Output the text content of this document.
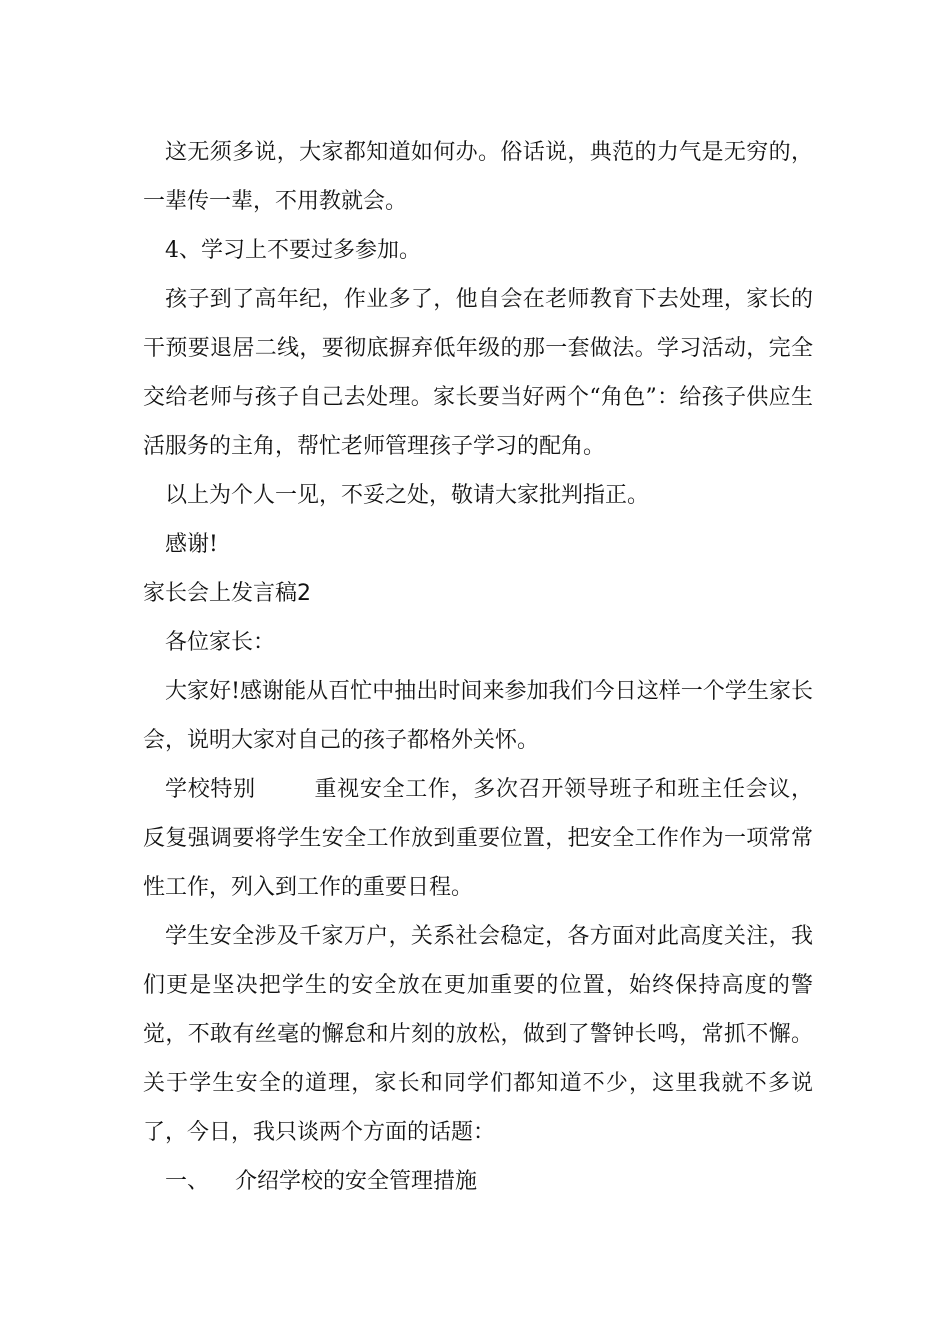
这无须多说，大家都知道如何办。俗话说，典范的力气是无穷的，一辈传一辈，不用教就会。

4、学习上不要过多参加。

孩子到了高年纪，作业多了，他自会在老师教育下去处理，家长的干预要退居二线，要彻底摒弃低年级的那一套做法。学习活动，完全交给老师与孩子自己去处理。家长要当好两个“角色”：给孩子供应生活服务的主角，帮忙老师管理孩子学习的配角。

以上为个人一见，不妥之处，敬请大家批判指正。

感谢!

家长会上发言稿2

各位家长：

大家好!感谢能从百忙中抽出时间来参加我们今日这样一个学生家长会，说明大家对自己的孩子都格外关怀。

学校特别	重视安全工作，多次召开领导班子和班主任会议，反复强调要将学生安全工作放到重要位置，把安全工作作为一项常常性工作，列入到工作的重要日程。

学生安全涉及千家万户，关系社会稳定，各方面对此高度关注，我们更是坚决把学生的安全放在更加重要的位置，始终保持高度的警觉，不敢有丝毫的懈怠和片刻的放松，做到了警钟长鸣，常抓不懈。关于学生安全的道理，家长和同学们都知道不少，这里我就不多说了，今日，我只谈两个方面的话题：

一、 介绍学校的安全管理措施
